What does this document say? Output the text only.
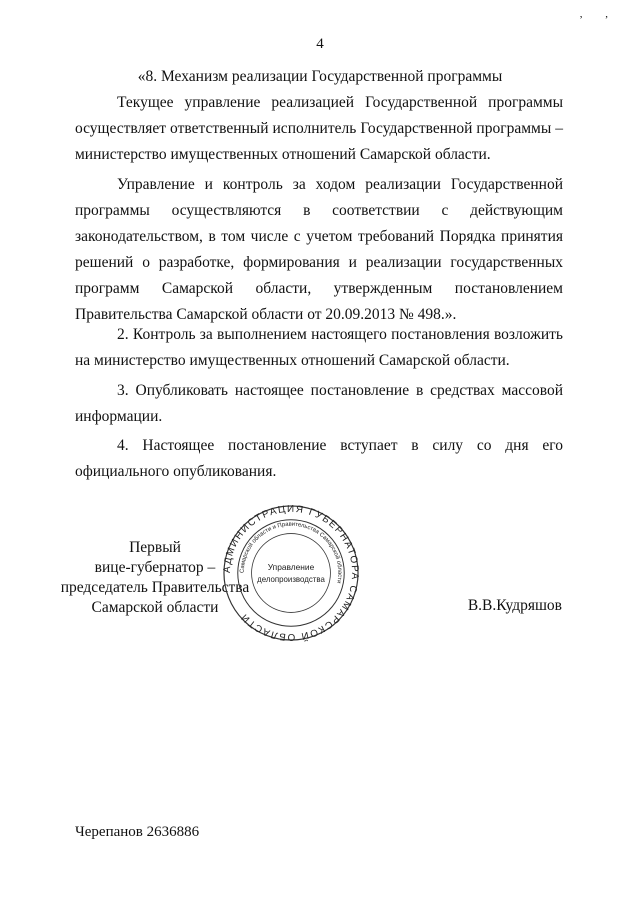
, ,
4
«8. Механизм реализации Государственной программы

Текущее управление реализацией Государственной программы осуществляет ответственный исполнитель Государственной программы – министерство имущественных отношений Самарской области.

Управление и контроль за ходом реализации Государственной программы осуществляются в соответствии с действующим законодательством, в том числе с учетом требований Порядка принятия решений о разработке, формирования и реализации государственных программ Самарской области, утвержденным постановлением Правительства Самарской области от 20.09.2013 № 498.».

2. Контроль за выполнением настоящего постановления возложить на министерство имущественных отношений Самарской области.

3. Опубликовать настоящее постановление в средствах массовой информации.

4. Настоящее постановление вступает в силу со дня его официального опубликования.

Первый
вице-губернатор –
председатель Правительства
Самарской области
АДМИНИСТРАЦИЯ ГУБЕРНАТОРА САМАРСКОЙ ОБЛАСТИ
Самарской области и Правительства Самарской области
Управление
делопроизводства
В.В.Кудряшов
Черепанов 2636886
